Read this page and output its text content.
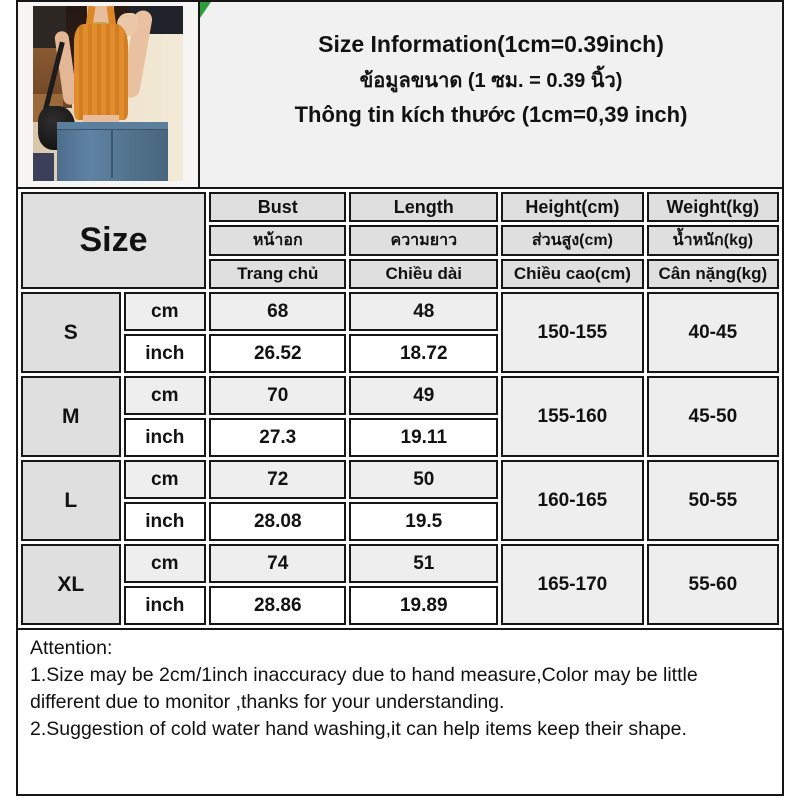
Size Information(1cm=0.39inch)
ข้อมูลขนาด (1 ซม. = 0.39 นิ้ว)
Thông tin kích thước (1cm=0,39 inch)
Size		Bust	Length	Height(cm)	Weight(kg)
		หน้าอก	ความยาว	ส่วนสูง(cm)	น้ำหนัก(kg)
		Trang chủ	Chiều dài	Chiều cao(cm)	Cân nặng(kg)
S	cm	68	48	150-155	40-45
	inch	26.52	18.72		
M	cm	70	49	155-160	45-50
	inch	27.3	19.11		
L	cm	72	50	160-165	50-55
	inch	28.08	19.5		
XL	cm	74	51	165-170	55-60
	inch	28.86	19.89		
Attention:
1.Size may be 2cm/1inch inaccuracy due to hand measure,Color may be little different due to monitor ,thanks for your understanding.
2.Suggestion of cold water hand washing,it can help items keep their shape.
